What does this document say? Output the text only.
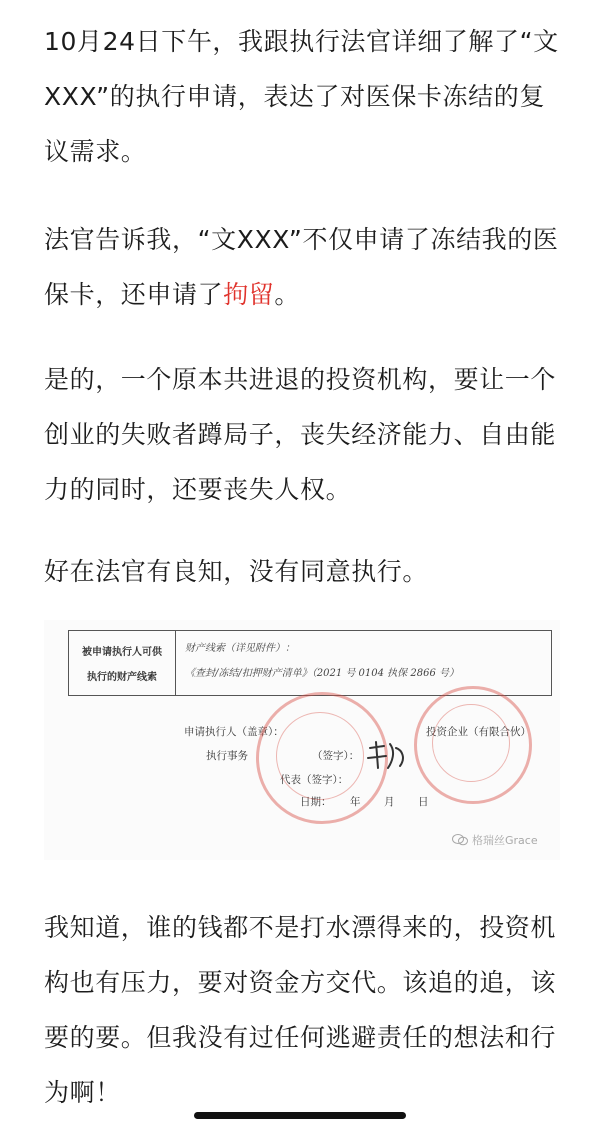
10月24日下午，我跟执行法官详细了解了“文XXX”的执行申请，表达了对医保卡冻结的复议需求。

法官告诉我，“文XXX”不仅申请了冻结我的医保卡，还申请了拘留。

是的，一个原本共进退的投资机构，要让一个创业的失败者蹲局子，丧失经济能力、自由能力的同时，还要丧失人权。

好在法官有良知，没有同意执行。

被申请执行人可供
执行的财产线索
财产线索（详见附件）：
《查封/冻结/扣押财产清单》（2021 号 0104 执保 2866 号）
申请执行人（盖章）：	投资企业（有限合伙）
执行事务	（签字）：
代表（签字）：
日期： 年 月 日
格瑞丝Grace

我知道，谁的钱都不是打水漂得来的，投资机构也有压力，要对资金方交代。该追的追，该要的要。但我没有过任何逃避责任的想法和行为啊！
